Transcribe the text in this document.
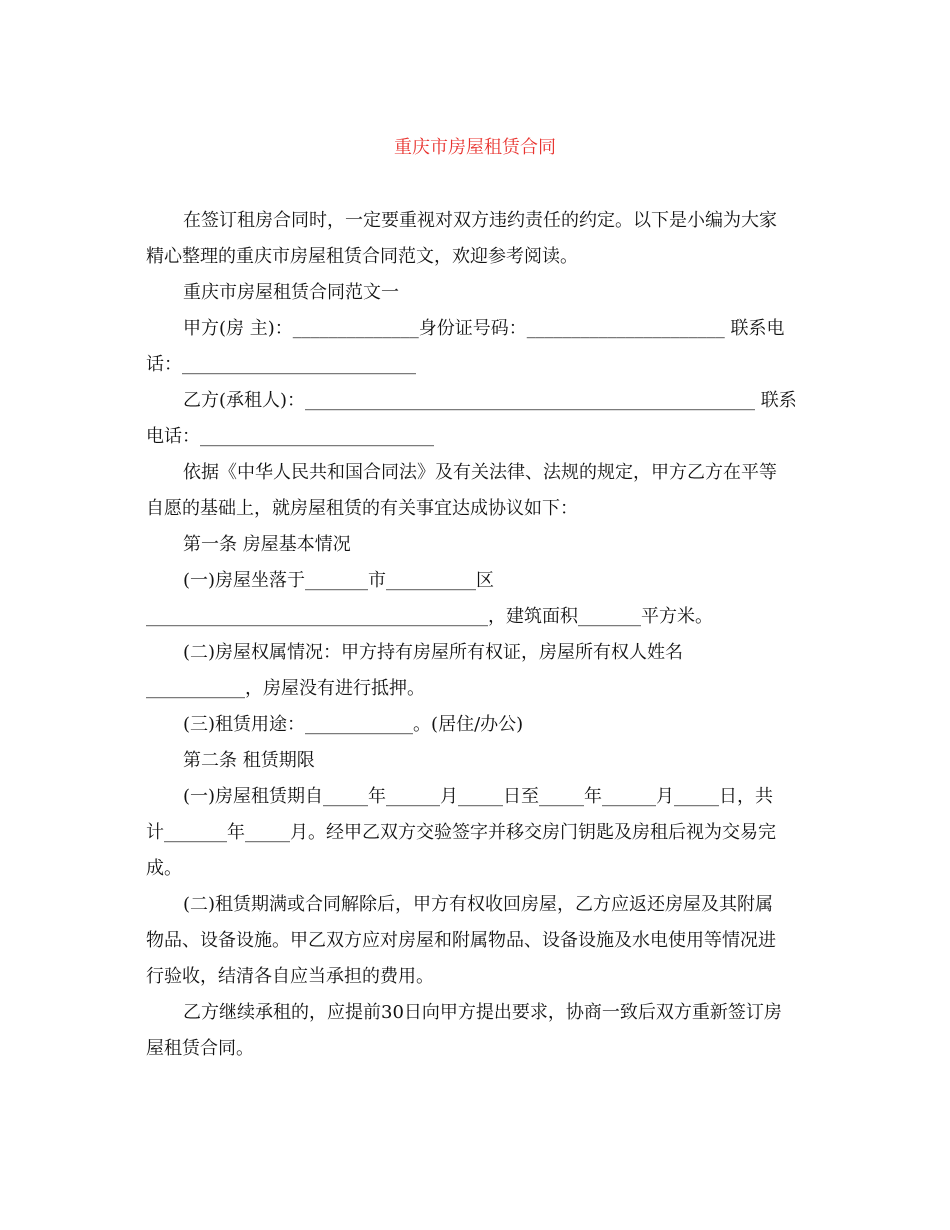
重庆市房屋租赁合同
在签订租房合同时，一定要重视对双方违约责任的约定。以下是小编为大家
精心整理的重庆市房屋租赁合同范文，欢迎参考阅读。
重庆市房屋租赁合同范文一
甲方(房 主)：______________身份证号码：______________________ 联系电
话：__________________________
乙方(承租人)：__________________________________________________ 联系
电话：__________________________
依据《中华人民共和国合同法》及有关法律、法规的规定，甲方乙方在平等
自愿的基础上，就房屋租赁的有关事宜达成协议如下：
第一条 房屋基本情况
(一)房屋坐落于_______市__________区
______________________________________，建筑面积_______平方米。
(二)房屋权属情况：甲方持有房屋所有权证，房屋所有权人姓名
___________，房屋没有进行抵押。
(三)租赁用途：____________。(居住/办公)
第二条 租赁期限
(一)房屋租赁期自_____年______月_____日至_____年______月_____日，共
计_______年_____月。经甲乙双方交验签字并移交房门钥匙及房租后视为交易完
成。
(二)租赁期满或合同解除后，甲方有权收回房屋，乙方应返还房屋及其附属
物品、设备设施。甲乙双方应对房屋和附属物品、设备设施及水电使用等情况进
行验收，结清各自应当承担的费用。
乙方继续承租的，应提前30日向甲方提出要求，协商一致后双方重新签订房
屋租赁合同。
